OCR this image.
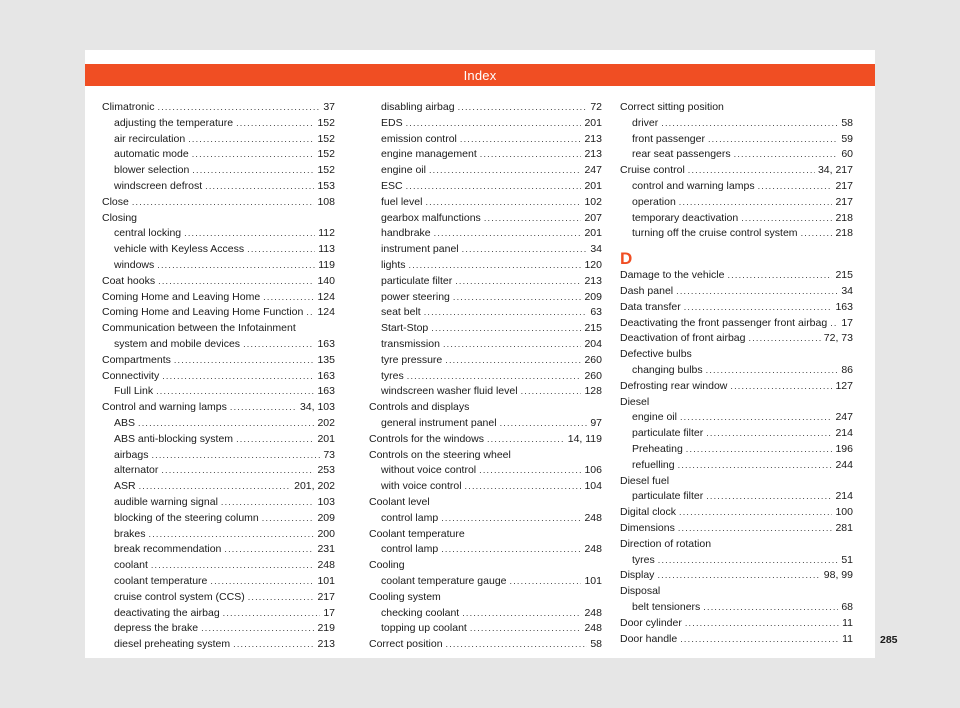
Index
Climatronic .....	37
adjusting the temperature .....	152
air recirculation .....	152
automatic mode .....	152
blower selection .....	152
windscreen defrost .....	153
Close .....	108
Closing
central locking .....	112
vehicle with Keyless Access .....	113
windows .....	119
Coat hooks .....	140
Coming Home and Leaving Home .....	124
Coming Home and Leaving Home Function ..... 124
Communication between the Infotainment
system and mobile devices .....	163
Compartments .....	135
Connectivity .....	163
Full Link .....	163
Control and warning lamps .....	34, 103
ABS .....	202
ABS anti-blocking system .....	201
airbags .....	73
alternator .....	253
ASR .....	201, 202
audible warning signal .....	103
blocking of the steering column .....	209
brakes .....	200
break recommendation .....	231
coolant .....	248
coolant temperature .....	101
cruise control system (CCS) .....	217
deactivating the airbag .....	17
depress the brake .....	219
diesel preheating system .....	213
disabling airbag .....	72
EDS .....	201
emission control .....	213
engine management .....	213
engine oil .....	247
ESC .....	201
fuel level .....	102
gearbox malfunctions .....	207
handbrake .....	201
instrument panel .....	34
lights .....	120
particulate filter .....	213
power steering .....	209
seat belt .....	63
Start-Stop .....	215
transmission .....	204
tyre pressure .....	260
tyres .....	260
windscreen washer fluid level .....	128
Controls and displays
general instrument panel .....	97
Controls for the windows .....	14, 119
Controls on the steering wheel
without voice control .....	106
with voice control .....	104
Coolant level
control lamp .....	248
Coolant temperature
control lamp .....	248
Cooling
coolant temperature gauge .....	101
Cooling system
checking coolant .....	248
topping up coolant .....	248
Correct position .....	58
Correct sitting position
driver .....	58
front passenger .....	59
rear seat passengers .....	60
Cruise control .....	34, 217
control and warning lamps .....	217
operation .....	217
temporary deactivation .....	218
turning off the cruise control system .....	218
D
Damage to the vehicle .....	215
Dash panel .....	34
Data transfer .....	163
Deactivating the front passenger front airbag ..... 17
Deactivation of front airbag .....	72, 73
Defective bulbs
changing bulbs .....	86
Defrosting rear window .....	127
Diesel
engine oil .....	247
particulate filter .....	214
Preheating .....	196
refuelling .....	244
Diesel fuel
particulate filter .....	214
Digital clock .....	100
Dimensions .....	281
Direction of rotation
tyres .....	51
Display .....	98, 99
Disposal
belt tensioners .....	68
Door cylinder .....	11
Door handle .....	11	285
